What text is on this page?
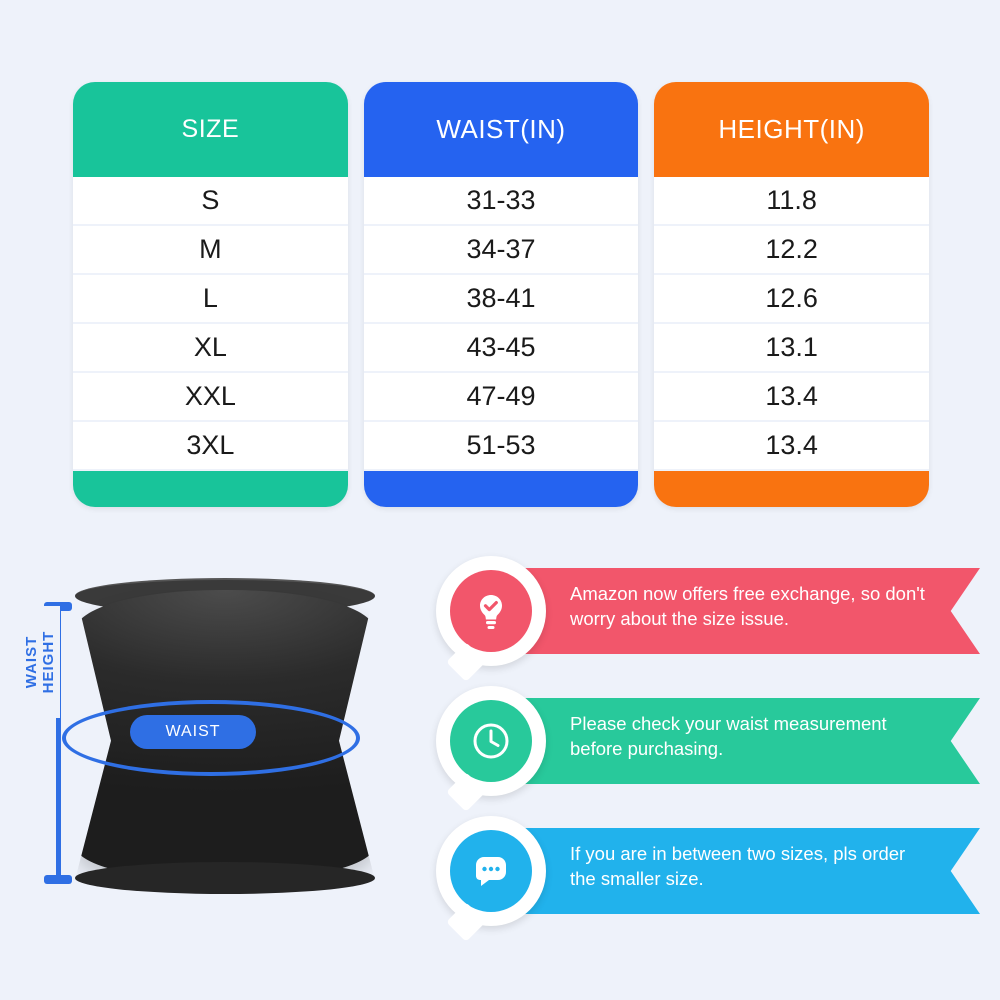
SIZE
S
M
L
XL
XXL
3XL
WAIST(IN)
31-33
34-37
38-41
43-45
47-49
51-53
HEIGHT(IN)
11.8
12.2
12.6
13.1
13.4
13.4
WAIST
WAIST HEIGHT
Amazon now offers free exchange, so don't worry about the size issue.
Please check your waist measurement before purchasing.
If you are in between two sizes, pls order the smaller size.
